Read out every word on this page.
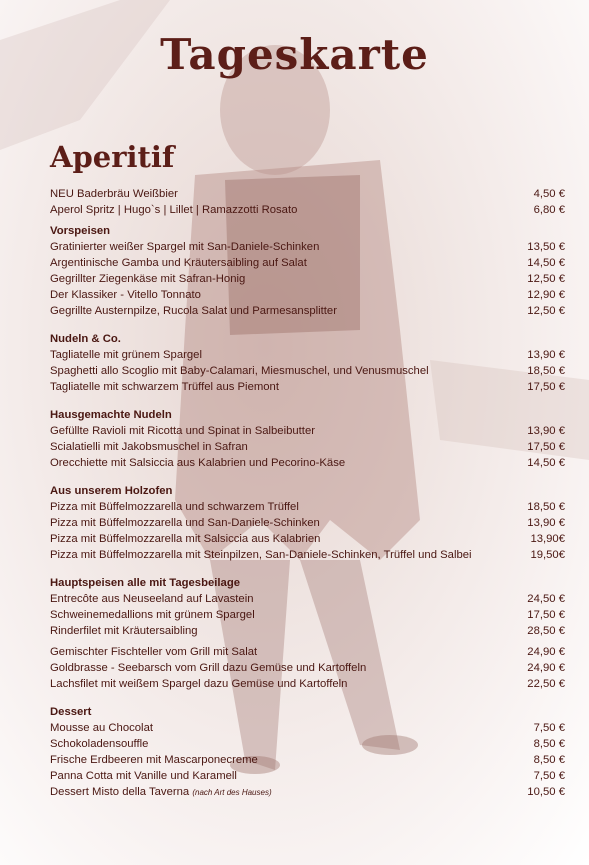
Tageskarte
Aperitif
NEU Baderbräu Weißbier	4,50 €
Aperol Spritz | Hugo`s | Lillet | Ramazzotti Rosato	6,80 €
Vorspeisen
Gratinierter weißer Spargel mit San-Daniele-Schinken	13,50 €
Argentinische Gamba und Kräutersaibling auf Salat	14,50 €
Gegrillter Ziegenkäse mit Safran-Honig	12,50 €
Der Klassiker - Vitello Tonnato	12,90 €
Gegrillte Austernpilze, Rucola Salat und Parmesansplitter	12,50 €
Nudeln & Co.
Tagliatelle mit grünem Spargel	13,90 €
Spaghetti allo Scoglio mit Baby-Calamari, Miesmuschel, und Venusmuschel	18,50 €
Tagliatelle mit schwarzem Trüffel aus Piemont	17,50 €
Hausgemachte Nudeln
Gefüllte Ravioli mit Ricotta und Spinat in Salbeibutter	13,90 €
Scialatielli mit Jakobsmuschel in Safran	17,50 €
Orecchiette mit Salsiccia aus Kalabrien und Pecorino-Käse	14,50 €
Aus unserem Holzofen
Pizza mit Büffelmozzarella und schwarzem Trüffel	18,50 €
Pizza mit Büffelmozzarella und San-Daniele-Schinken	13,90 €
Pizza mit Büffelmozzarella mit Salsiccia aus Kalabrien	13,90€
Pizza mit Büffelmozzarella mit Steinpilzen, San-Daniele-Schinken, Trüffel und Salbei	19,50€
Hauptspeisen alle mit Tagesbeilage
Entrecôte aus Neuseeland auf Lavastein	24,50 €
Schweinemedallions mit grünem Spargel	17,50 €
Rinderfilet mit Kräutersaibling	28,50 €
Gemischter Fischteller vom Grill mit Salat	24,90 €
Goldbrasse - Seebarsch vom Grill dazu Gemüse und Kartoffeln	24,90 €
Lachsfilet mit weißem Spargel dazu Gemüse und Kartoffeln	22,50 €
Dessert
Mousse au Chocolat	7,50 €
Schokoladensouffle	8,50 €
Frische Erdbeeren mit Mascarponecreme	8,50 €
Panna Cotta mit Vanille und Karamell	7,50 €
Dessert Misto della Taverna (nach Art des Hauses)	10,50 €
